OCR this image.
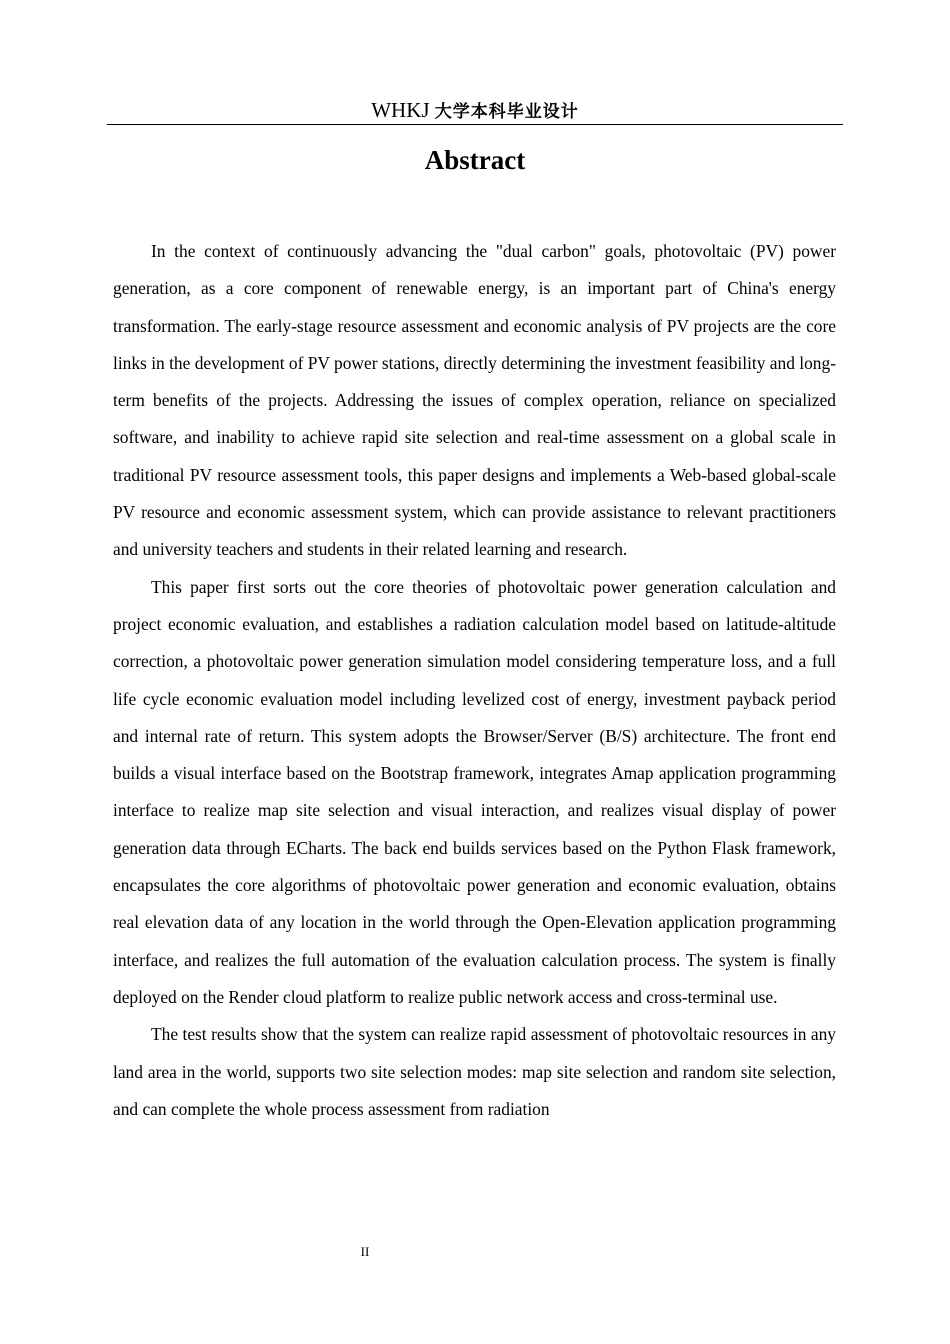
WHKJ 大学本科毕业设计
Abstract

In the context of continuously advancing the "dual carbon" goals, photovoltaic (PV) power generation, as a core component of renewable energy, is an important part of China's energy transformation. The early-stage resource assessment and economic analysis of PV projects are the core links in the development of PV power stations, directly determining the investment feasibility and long-term benefits of the projects. Addressing the issues of complex operation, reliance on specialized software, and inability to achieve rapid site selection and real-time assessment on a global scale in traditional PV resource assessment tools, this paper designs and implements a Web-based global-scale PV resource and economic assessment system, which can provide assistance to relevant practitioners and university teachers and students in their related learning and research.

This paper first sorts out the core theories of photovoltaic power generation calculation and project economic evaluation, and establishes a radiation calculation model based on latitude-altitude correction, a photovoltaic power generation simulation model considering temperature loss, and a full life cycle economic evaluation model including levelized cost of energy, investment payback period and internal rate of return. This system adopts the Browser/Server (B/S) architecture. The front end builds a visual interface based on the Bootstrap framework, integrates Amap application programming interface to realize map site selection and visual interaction, and realizes visual display of power generation data through ECharts. The back end builds services based on the Python Flask framework, encapsulates the core algorithms of photovoltaic power generation and economic evaluation, obtains real elevation data of any location in the world through the Open-Elevation application programming interface, and realizes the full automation of the evaluation calculation process. The system is finally deployed on the Render cloud platform to realize public network access and cross-terminal use.

The test results show that the system can realize rapid assessment of photovoltaic resources in any land area in the world, supports two site selection modes: map site selection and random site selection, and can complete the whole process assessment from radiation

II
